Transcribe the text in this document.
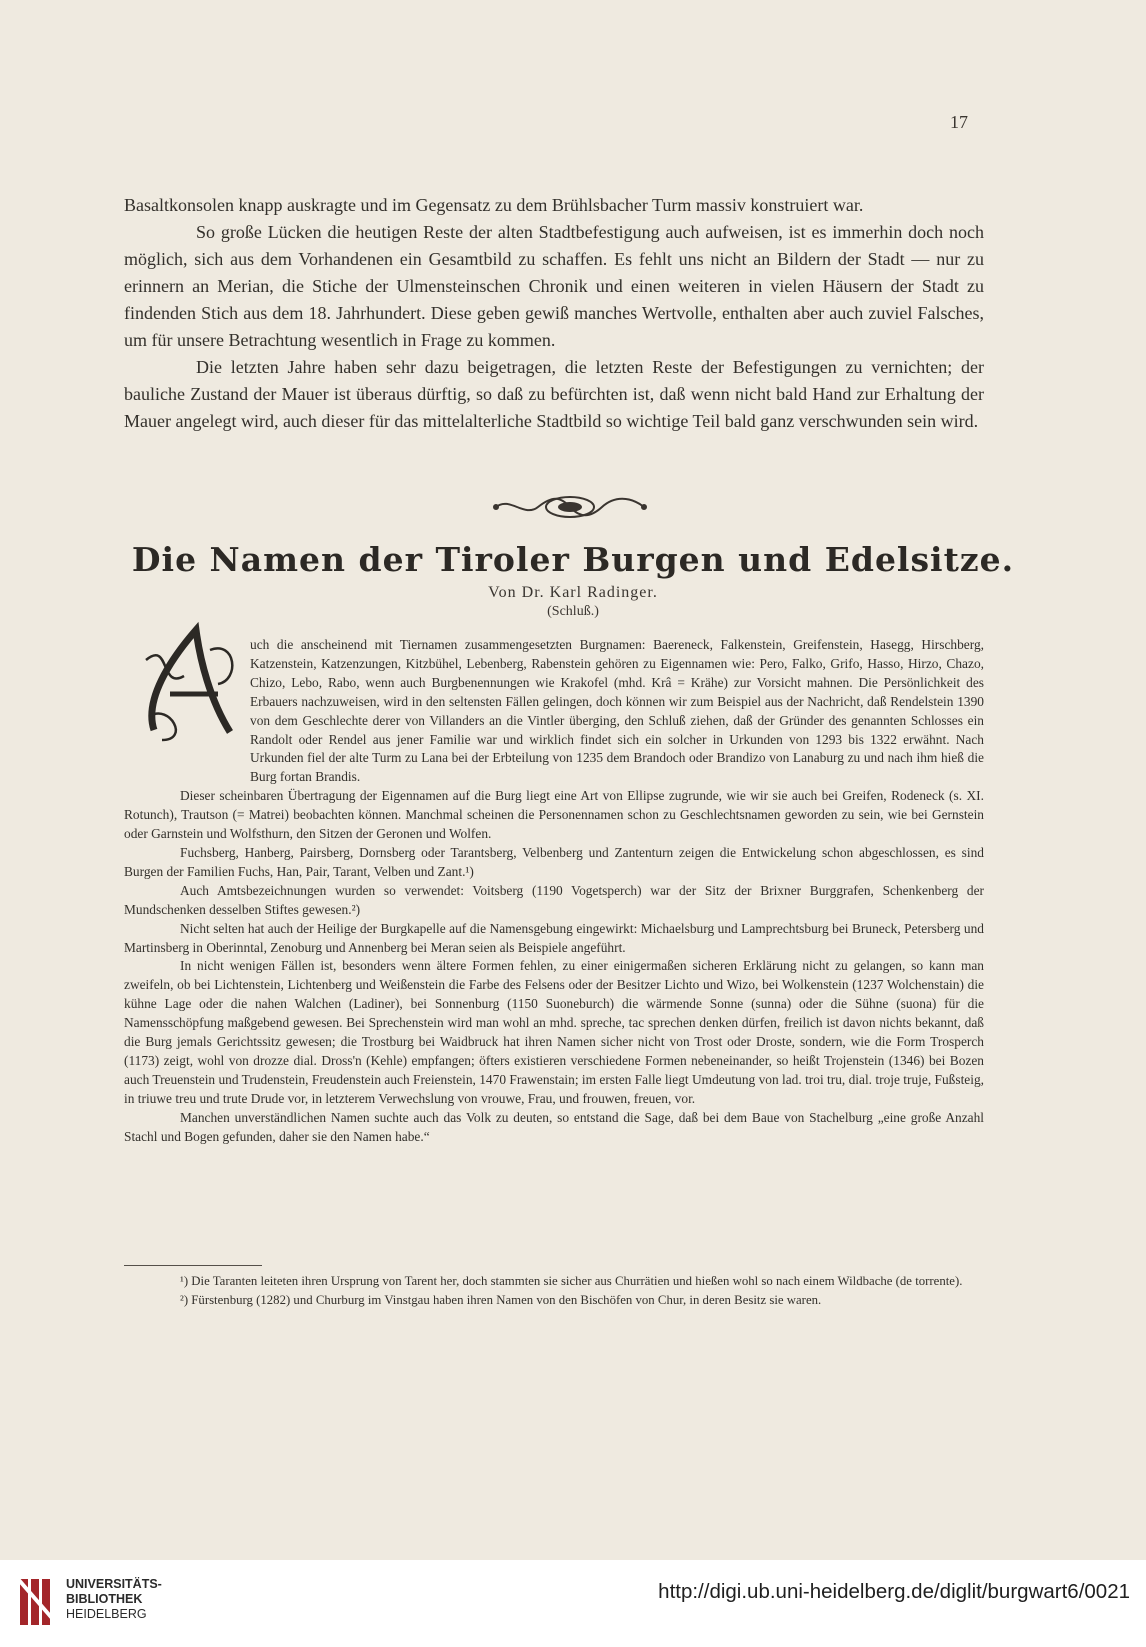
17

Basaltkonsolen knapp auskragte und im Gegensatz zu dem Brühlsbacher Turm massiv konstruiert war.

So große Lücken die heutigen Reste der alten Stadtbefestigung auch aufweisen, ist es immerhin doch noch möglich, sich aus dem Vorhandenen ein Gesamtbild zu schaffen. Es fehlt uns nicht an Bildern der Stadt — nur zu erinnern an Merian, die Stiche der Ulmensteinschen Chronik und einen weiteren in vielen Häusern der Stadt zu findenden Stich aus dem 18. Jahrhundert. Diese geben gewiß manches Wertvolle, enthalten aber auch zuviel Falsches, um für unsere Betrachtung wesentlich in Frage zu kommen.

Die letzten Jahre haben sehr dazu beigetragen, die letzten Reste der Befestigungen zu vernichten; der bauliche Zustand der Mauer ist überaus dürftig, so daß zu befürchten ist, daß wenn nicht bald Hand zur Erhaltung der Mauer angelegt wird, auch dieser für das mittelalterliche Stadtbild so wichtige Teil bald ganz verschwunden sein wird.

Die Namen der Tiroler Burgen und Edelsitze.
Von Dr. Karl Radinger.
(Schluß.)
A

uch die anscheinend mit Tiernamen zusammengesetzten Burgnamen: Baereneck, Falkenstein, Greifenstein, Hasegg, Hirschberg, Katzenstein, Katzenzungen, Kitzbühel, Lebenberg, Rabenstein gehören zu Eigennamen wie: Pero, Falko, Grifo, Hasso, Hirzo, Chazo, Chizo, Lebo, Rabo, wenn auch Burgbenennungen wie Krakofel (mhd. Krâ = Krähe) zur Vorsicht mahnen. Die Persönlichkeit des Erbauers nachzuweisen, wird in den seltensten Fällen gelingen, doch können wir zum Beispiel aus der Nachricht, daß Rendelstein 1390 von dem Geschlechte derer von Villanders an die Vintler überging, den Schluß ziehen, daß der Gründer des genannten Schlosses ein Randolt oder Rendel aus jener Familie war und wirklich findet sich ein solcher in Urkunden von 1293 bis 1322 erwähnt. Nach Urkunden fiel der alte Turm zu Lana bei der Erbteilung von 1235 dem Brandoch oder Brandizo von Lanaburg zu und nach ihm hieß die Burg fortan Brandis.

Dieser scheinbaren Übertragung der Eigennamen auf die Burg liegt eine Art von Ellipse zugrunde, wie wir sie auch bei Greifen, Rodeneck (s. XI. Rotunch), Trautson (= Matrei) beobachten können. Manchmal scheinen die Personennamen schon zu Geschlechtsnamen geworden zu sein, wie bei Gernstein oder Garnstein und Wolfsthurn, den Sitzen der Geronen und Wolfen.

Fuchsberg, Hanberg, Pairsberg, Dornsberg oder Tarantsberg, Velbenberg und Zantenturn zeigen die Entwickelung schon abgeschlossen, es sind Burgen der Familien Fuchs, Han, Pair, Tarant, Velben und Zant.¹)

Auch Amtsbezeichnungen wurden so verwendet: Voitsberg (1190 Vogetsperch) war der Sitz der Brixner Burggrafen, Schenkenberg der Mundschenken desselben Stiftes gewesen.²)

Nicht selten hat auch der Heilige der Burgkapelle auf die Namensgebung eingewirkt: Michaelsburg und Lamprechtsburg bei Bruneck, Petersberg und Martinsberg in Oberinntal, Zenoburg und Annenberg bei Meran seien als Beispiele angeführt.

In nicht wenigen Fällen ist, besonders wenn ältere Formen fehlen, zu einer einigermaßen sicheren Erklärung nicht zu gelangen, so kann man zweifeln, ob bei Lichtenstein, Lichtenberg und Weißenstein die Farbe des Felsens oder der Besitzer Lichto und Wizo, bei Wolkenstein (1237 Wolchenstain) die kühne Lage oder die nahen Walchen (Ladiner), bei Sonnenburg (1150 Suoneburch) die wärmende Sonne (sunna) oder die Sühne (suona) für die Namensschöpfung maßgebend gewesen. Bei Sprechenstein wird man wohl an mhd. spreche, tac sprechen denken dürfen, freilich ist davon nichts bekannt, daß die Burg jemals Gerichtssitz gewesen; die Trostburg bei Waidbruck hat ihren Namen sicher nicht von Trost oder Droste, sondern, wie die Form Trosperch (1173) zeigt, wohl von drozze dial. Dross'n (Kehle) empfangen; öfters existieren verschiedene Formen nebeneinander, so heißt Trojenstein (1346) bei Bozen auch Treuenstein und Trudenstein, Freudenstein auch Freienstein, 1470 Frawenstain; im ersten Falle liegt Umdeutung von lad. troi tru, dial. troje truje, Fußsteig, in triuwe treu und trute Drude vor, in letzterem Verwechslung von vrouwe, Frau, und frouwen, freuen, vor.

Manchen unverständlichen Namen suchte auch das Volk zu deuten, so entstand die Sage, daß bei dem Baue von Stachelburg „eine große Anzahl Stachl und Bogen gefunden, daher sie den Namen habe.“

¹) Die Taranten leiteten ihren Ursprung von Tarent her, doch stammten sie sicher aus Churrätien und hießen wohl so nach einem Wildbache (de torrente).

²) Fürstenburg (1282) und Churburg im Vinstgau haben ihren Namen von den Bischöfen von Chur, in deren Besitz sie waren.

UNIVERSITÄTS-
BIBLIOTHEK
HEIDELBERG
http://digi.ub.uni-heidelberg.de/diglit/burgwart6/0021
